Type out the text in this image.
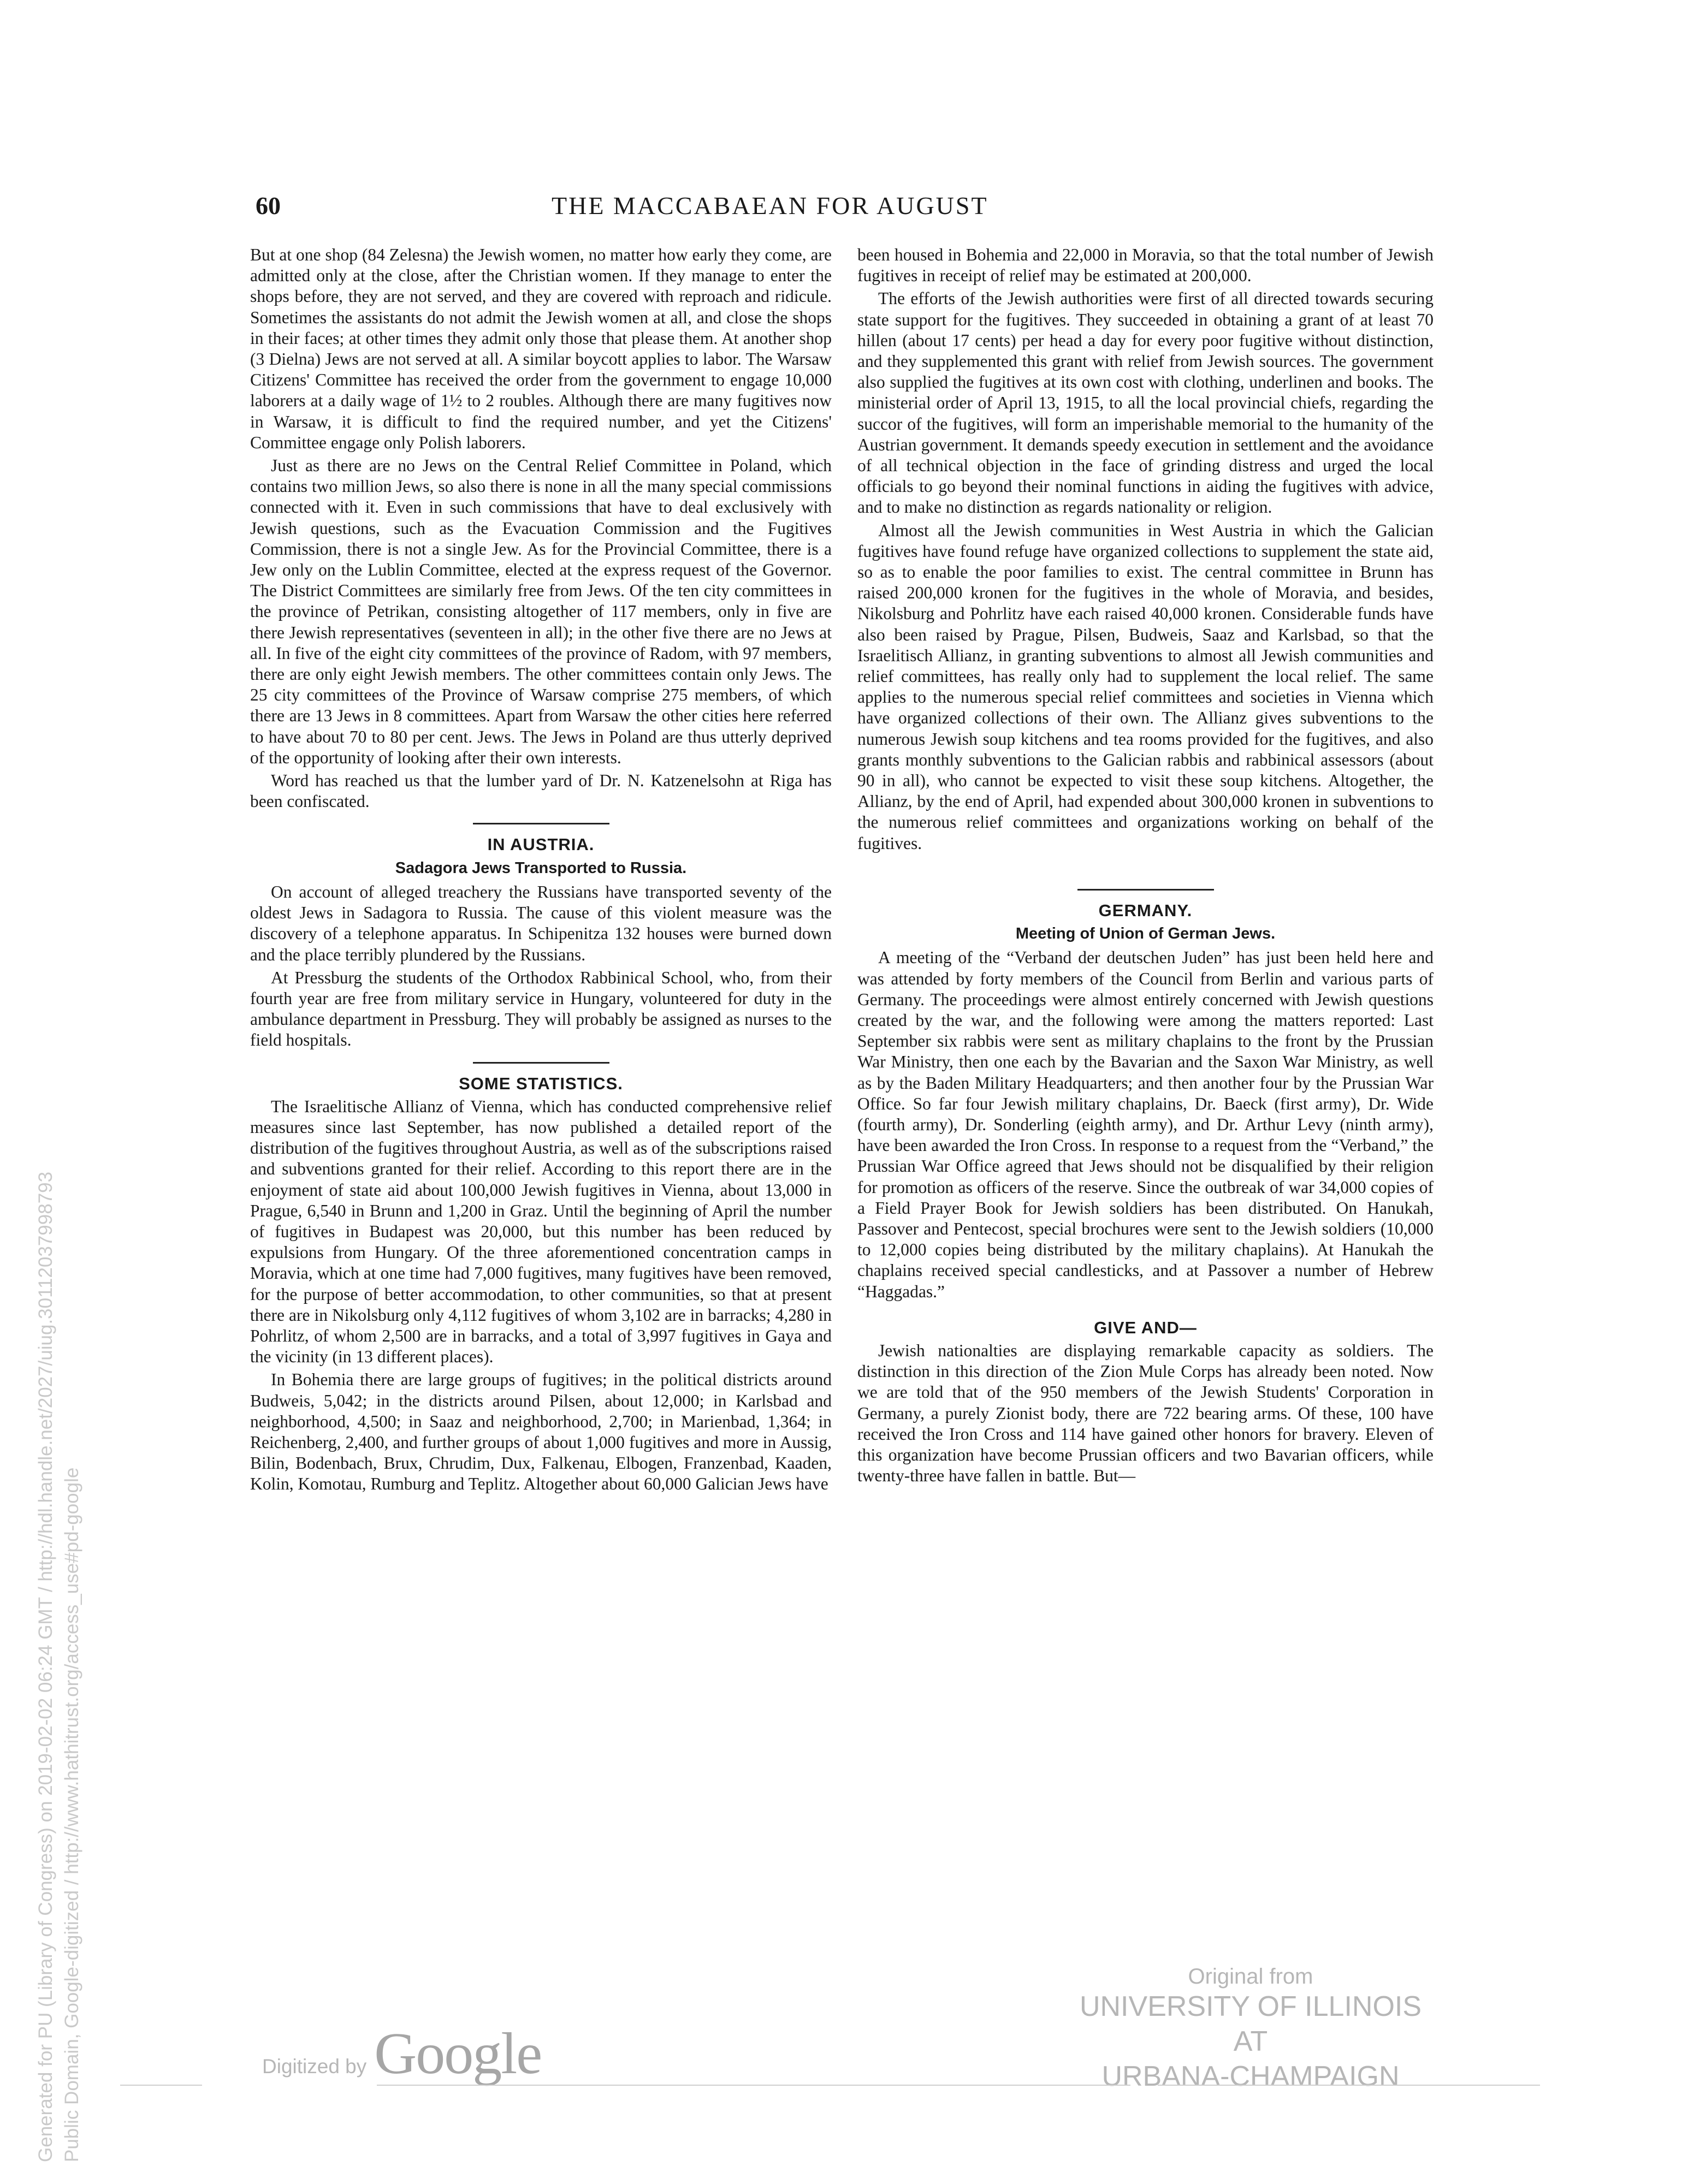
60	THE MACCABAEAN FOR AUGUST

But at one shop (84 Zelesna) the Jewish women, no matter how early they come, are admitted only at the close, after the Christian women. If they manage to enter the shops before, they are not served, and they are covered with reproach and ridicule. Sometimes the assistants do not admit the Jewish women at all, and close the shops in their faces; at other times they admit only those that please them. At another shop (3 Dielna) Jews are not served at all. A similar boycott applies to labor. The Warsaw Citizens' Committee has received the order from the government to engage 10,000 laborers at a daily wage of 1½ to 2 roubles. Although there are many fugitives now in Warsaw, it is difficult to find the required number, and yet the Citizens' Committee engage only Polish laborers.

Just as there are no Jews on the Central Relief Committee in Poland, which contains two million Jews, so also there is none in all the many special commissions connected with it. Even in such commissions that have to deal exclusively with Jewish questions, such as the Evacuation Commission and the Fugitives Commission, there is not a single Jew. As for the Provincial Committee, there is a Jew only on the Lublin Committee, elected at the express request of the Governor. The District Committees are similarly free from Jews. Of the ten city committees in the province of Petrikan, consisting altogether of 117 members, only in five are there Jewish representatives (seventeen in all); in the other five there are no Jews at all. In five of the eight city committees of the province of Radom, with 97 members, there are only eight Jewish members. The other committees contain only Jews. The 25 city committees of the Province of Warsaw comprise 275 members, of which there are 13 Jews in 8 committees. Apart from Warsaw the other cities here referred to have about 70 to 80 per cent. Jews. The Jews in Poland are thus utterly deprived of the opportunity of looking after their own interests.

Word has reached us that the lumber yard of Dr. N. Katzenelsohn at Riga has been confiscated.

IN AUSTRIA.
Sadagora Jews Transported to Russia.

On account of alleged treachery the Russians have transported seventy of the oldest Jews in Sadagora to Russia. The cause of this violent measure was the discovery of a telephone apparatus. In Schipenitza 132 houses were burned down and the place terribly plundered by the Russians.

At Pressburg the students of the Orthodox Rabbinical School, who, from their fourth year are free from military service in Hungary, volunteered for duty in the ambulance department in Pressburg. They will probably be assigned as nurses to the field hospitals.

SOME STATISTICS.

The Israelitische Allianz of Vienna, which has conducted comprehensive relief measures since last September, has now published a detailed report of the distribution of the fugitives throughout Austria, as well as of the subscriptions raised and subventions granted for their relief. According to this report there are in the enjoyment of state aid about 100,000 Jewish fugitives in Vienna, about 13,000 in Prague, 6,540 in Brunn and 1,200 in Graz. Until the beginning of April the number of fugitives in Budapest was 20,000, but this number has been reduced by expulsions from Hungary. Of the three aforementioned concentration camps in Moravia, which at one time had 7,000 fugitives, many fugitives have been removed, for the purpose of better accommodation, to other communities, so that at present there are in Nikolsburg only 4,112 fugitives of whom 3,102 are in barracks; 4,280 in Pohrlitz, of whom 2,500 are in barracks, and a total of 3,997 fugitives in Gaya and the vicinity (in 13 different places).

In Bohemia there are large groups of fugitives; in the political districts around Budweis, 5,042; in the districts around Pilsen, about 12,000; in Karlsbad and neighborhood, 4,500; in Saaz and neighborhood, 2,700; in Marienbad, 1,364; in Reichenberg, 2,400, and further groups of about 1,000 fugitives and more in Aussig, Bilin, Bodenbach, Brux, Chrudim, Dux, Falkenau, Elbogen, Franzenbad, Kaaden, Kolin, Komotau, Rumburg and Teplitz. Altogether about 60,000 Galician Jews have

been housed in Bohemia and 22,000 in Moravia, so that the total number of Jewish fugitives in receipt of relief may be estimated at 200,000.

The efforts of the Jewish authorities were first of all directed towards securing state support for the fugitives. They succeeded in obtaining a grant of at least 70 hillen (about 17 cents) per head a day for every poor fugitive without distinction, and they supplemented this grant with relief from Jewish sources. The government also supplied the fugitives at its own cost with clothing, underlinen and books. The ministerial order of April 13, 1915, to all the local provincial chiefs, regarding the succor of the fugitives, will form an imperishable memorial to the humanity of the Austrian government. It demands speedy execution in settlement and the avoidance of all technical objection in the face of grinding distress and urged the local officials to go beyond their nominal functions in aiding the fugitives with advice, and to make no distinction as regards nationality or religion.

Almost all the Jewish communities in West Austria in which the Galician fugitives have found refuge have organized collections to supplement the state aid, so as to enable the poor families to exist. The central committee in Brunn has raised 200,000 kronen for the fugitives in the whole of Moravia, and besides, Nikolsburg and Pohrlitz have each raised 40,000 kronen. Considerable funds have also been raised by Prague, Pilsen, Budweis, Saaz and Karlsbad, so that the Israelitisch Allianz, in granting subventions to almost all Jewish communities and relief committees, has really only had to supplement the local relief. The same applies to the numerous special relief committees and societies in Vienna which have organized collections of their own. The Allianz gives subventions to the numerous Jewish soup kitchens and tea rooms provided for the fugitives, and also grants monthly subventions to the Galician rabbis and rabbinical assessors (about 90 in all), who cannot be expected to visit these soup kitchens. Altogether, the Allianz, by the end of April, had expended about 300,000 kronen in subventions to the numerous relief committees and organizations working on behalf of the fugitives.

GERMANY.
Meeting of Union of German Jews.

A meeting of the “Verband der deutschen Juden” has just been held here and was attended by forty members of the Council from Berlin and various parts of Germany. The proceedings were almost entirely concerned with Jewish questions created by the war, and the following were among the matters reported: Last September six rabbis were sent as military chaplains to the front by the Prussian War Ministry, then one each by the Bavarian and the Saxon War Ministry, as well as by the Baden Military Headquarters; and then another four by the Prussian War Office. So far four Jewish military chaplains, Dr. Baeck (first army), Dr. Wide (fourth army), Dr. Sonderling (eighth army), and Dr. Arthur Levy (ninth army), have been awarded the Iron Cross. In response to a request from the “Verband,” the Prussian War Office agreed that Jews should not be disqualified by their religion for promotion as officers of the reserve. Since the outbreak of war 34,000 copies of a Field Prayer Book for Jewish soldiers has been distributed. On Hanukah, Passover and Pentecost, special brochures were sent to the Jewish soldiers (10,000 to 12,000 copies being distributed by the military chaplains). At Hanukah the chaplains received special candlesticks, and at Passover a number of Hebrew “Haggadas.”

GIVE AND—

Jewish nationalties are displaying remarkable capacity as soldiers. The distinction in this direction of the Zion Mule Corps has already been noted. Now we are told that of the 950 members of the Jewish Students' Corporation in Germany, a purely Zionist body, there are 722 bearing arms. Of these, 100 have received the Iron Cross and 114 have gained other honors for bravery. Eleven of this organization have become Prussian officers and two Bavarian officers, while twenty-three have fallen in battle. But—

Generated for PU (Library of Congress) on 2019-02-02 06:24 GMT / http://hdl.handle.net/2027/uiug.30112037998793 Public Domain, Google-digitized / http://www.hathitrust.org/access_use#pd-google	Digitized by Google
Original from
UNIVERSITY OF ILLINOIS AT
URBANA-CHAMPAIGN
